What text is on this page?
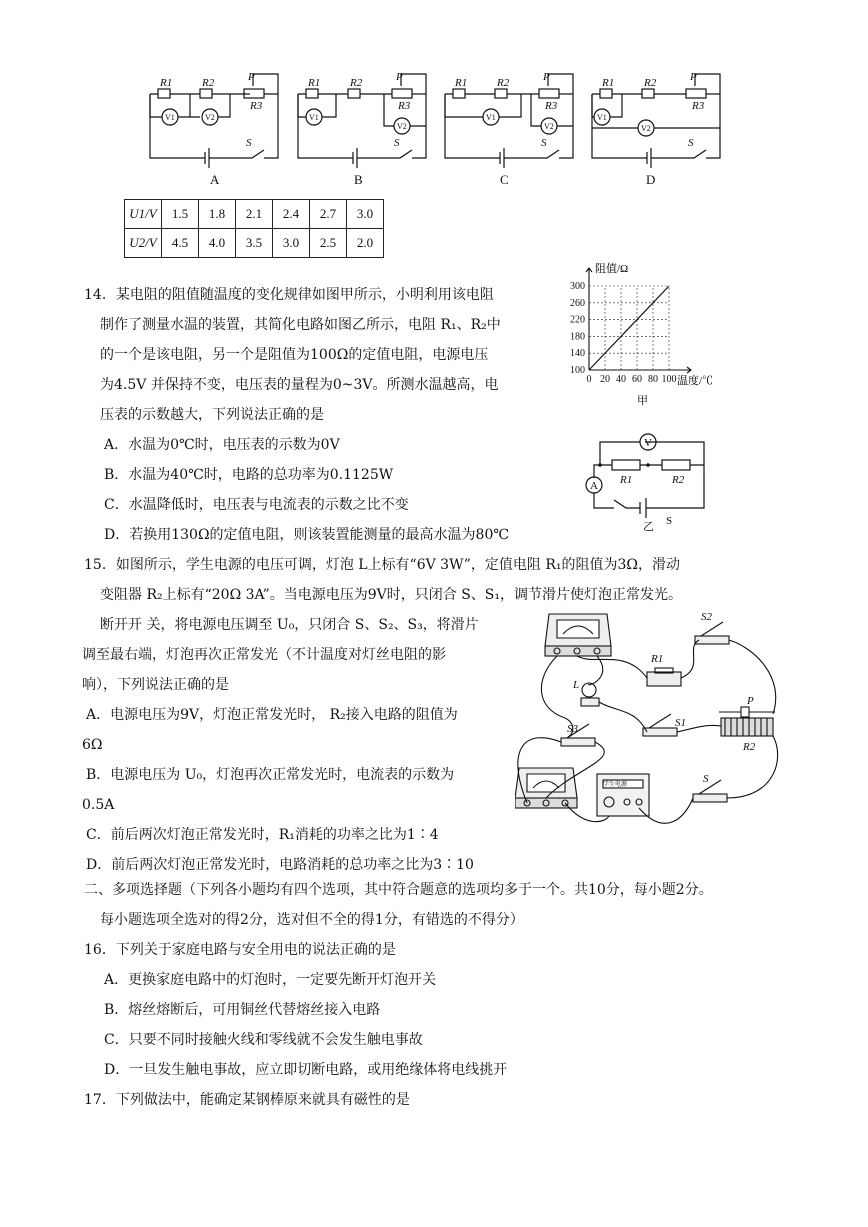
R1	R2	P
R3
S
R1	R2	P
R3
S
R1	R2	P
R3
S
R1	R2	P
R3
S
V1	V2	V1
V2
V1
V2
V1
V2
A	B	C	D
U1/V	1.5	1.8	2.1	2.4	2.7	3.0
U2/V	4.5	4.0	3.5	3.0	2.5	2.0
14．某电阻的阻值随温度的变化规律如图甲所示，小明利用该电阻
制作了测量水温的装置，其简化电路如图乙所示，电阻 R₁、R₂中
的一个是该电阻，另一个是阻值为100Ω的定值电阻，电源电压
为4.5V 并保持不变，电压表的量程为0~3V。所测水温越高，电
压表的示数越大，下列说法正确的是
A．水温为0℃时，电压表的示数为0V
B．水温为40℃时，电路的总功率为0.1125W
C．水温降低时，电压表与电流表的示数之比不变
D．若换用130Ω的定值电阻，则该装置能测量的最高水温为80℃
100
140
180
220
260
300
0 20 40 60 80 100
阻值/Ω
温度/℃
甲
V
A R1	R2
S
乙
15．如图所示，学生电源的电压可调，灯泡 L上标有“6V 3W”，定值电阻 R₁的阻值为3Ω，滑动
变阻器 R₂上标有“20Ω 3A”。当电源电压为9V时，只闭合 S、S₁，调节滑片使灯泡正常发光。
断开开 关，将电源电压调至 U₀，只闭合 S、S₂、S₃，将滑片
调至最右端，灯泡再次正常发光（不计温度对灯丝电阻的影
响），下列说法正确的是
A．电源电压为9V，灯泡正常发光时， R₂接入电路的阻值为
6Ω
B．电源电压为 U₀，灯泡再次正常发光时，电流表的示数为
0.5A
C．前后两次灯泡正常发光时，R₁消耗的功率之比为1∶4
D．前后两次灯泡正常发光时，电路消耗的总功率之比为3∶10
S2
R1
L
S1
S3
P
R2
S
学生电源
二、多项选择题（下列各小题均有四个选项，其中符合题意的选项均多于一个。共10分，每小题2分。
每小题选项全选对的得2分，选对但不全的得1分，有错选的不得分）
16．下列关于家庭电路与安全用电的说法正确的是
A．更换家庭电路中的灯泡时，一定要先断开灯泡开关
B．熔丝熔断后，可用铜丝代替熔丝接入电路
C．只要不同时接触火线和零线就不会发生触电事故
D．一旦发生触电事故，应立即切断电路，或用绝缘体将电线挑开
17．下列做法中，能确定某钢棒原来就具有磁性的是
